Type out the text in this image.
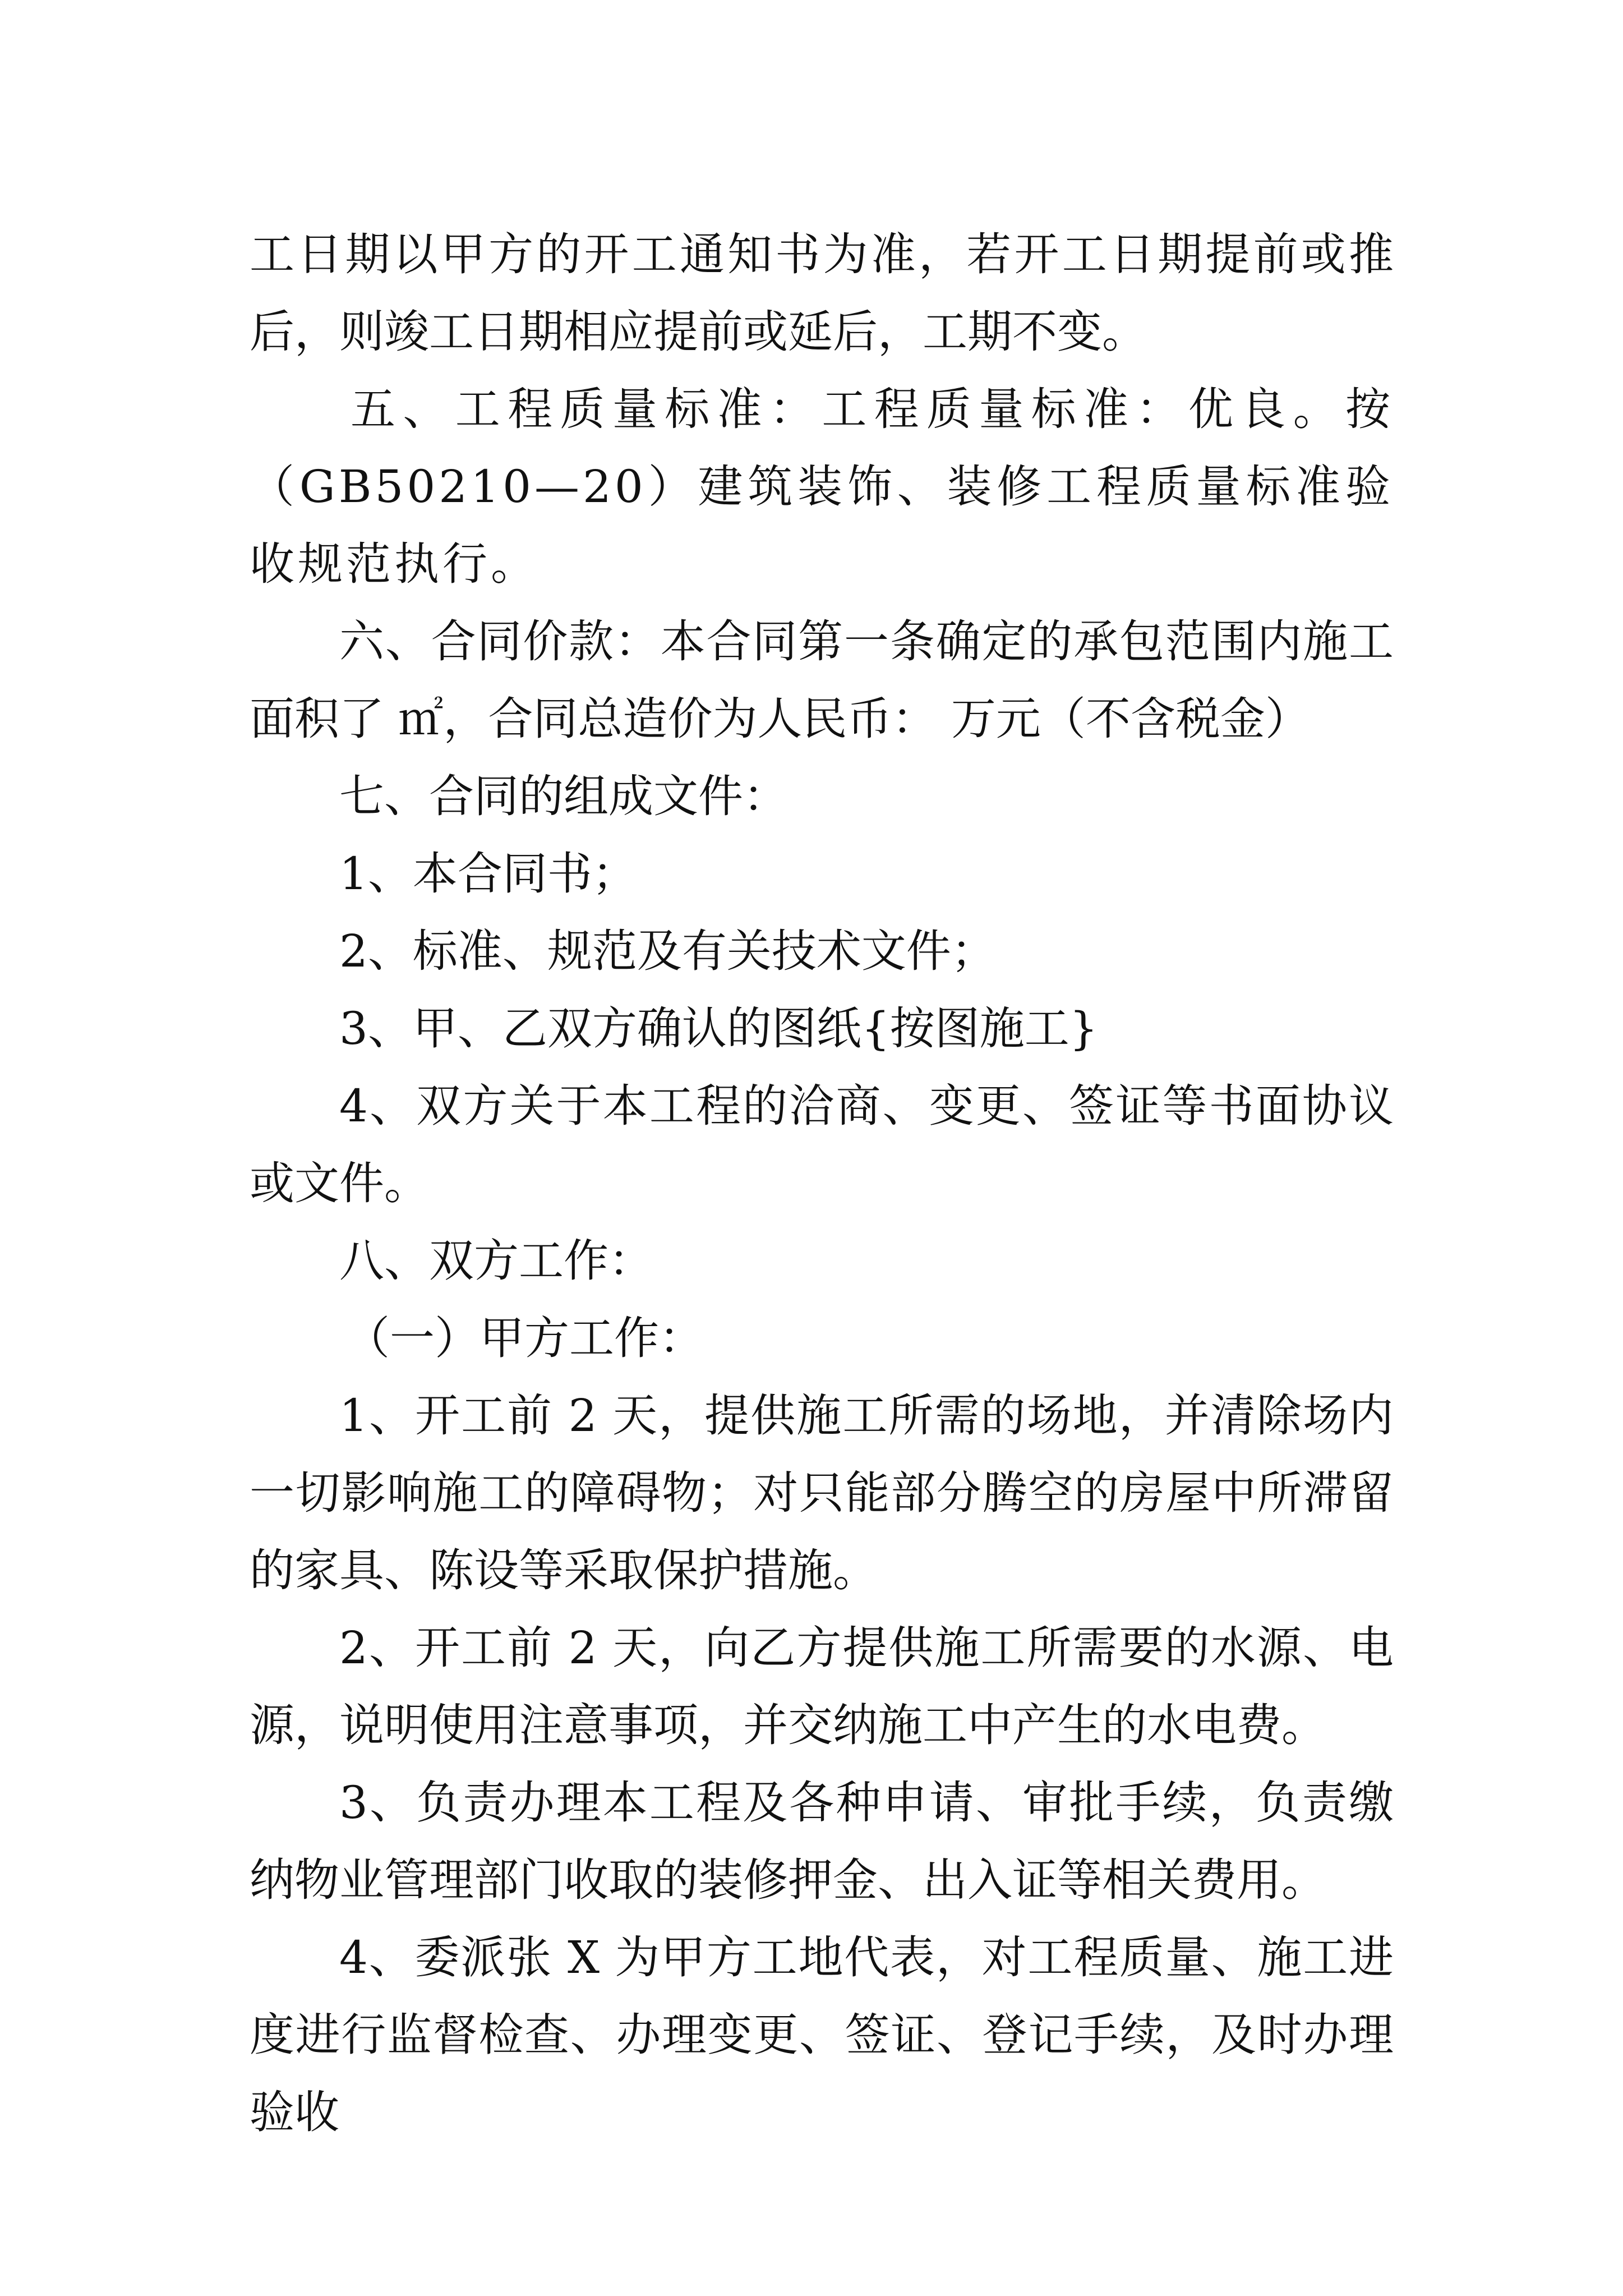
工日期以甲方的开工通知书为准，若开工日期提前或推后，则竣工日期相应提前或延后，工期不变。

五、工程质量标准：工程质量标准：优良。按（GB50210—20）建筑装饰、装修工程质量标准验收规范执行。

六、合同价款：本合同第一条确定的承包范围内施工面积了 ㎡，合同总造价为人民币： 万元（不含税金）

七、合同的组成文件：

1、本合同书；

2、标准、规范及有关技术文件；

3、甲、乙双方确认的图纸{按图施工}

4、双方关于本工程的洽商、变更、签证等书面协议或文件。

八、双方工作：

（一）甲方工作：

1、开工前 2 天，提供施工所需的场地，并清除场内一切影响施工的障碍物；对只能部分腾空的房屋中所滞留的家具、陈设等采取保护措施。

2、开工前 2 天，向乙方提供施工所需要的水源、电源，说明使用注意事项，并交纳施工中产生的水电费。

3、负责办理本工程及各种申请、审批手续，负责缴纳物业管理部门收取的装修押金、出入证等相关费用。

4、委派张 X 为甲方工地代表，对工程质量、施工进度进行监督检查、办理变更、签证、登记手续，及时办理验收
